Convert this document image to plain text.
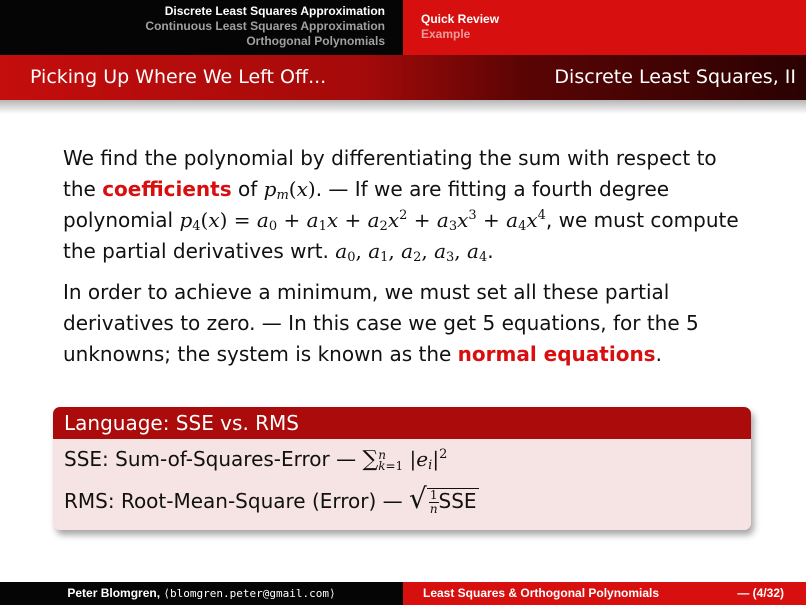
Discrete Least Squares Approximation
Continuous Least Squares Approximation
Orthogonal Polynomials
Quick Review
Example
Picking Up Where We Left Off...	Discrete Least Squares, II

We find the polynomial by differentiating the sum with respect to the coefficients of $p_m(x)$. — If we are fitting a fourth degree polynomial $p_4(x) = a_0 + a_1x + a_2x^2 + a_3x^3 + a_4x^4$, we must compute the partial derivatives wrt. $a_0$, $a_1$, $a_2$, $a_3$, $a_4$.

In order to achieve a minimum, we must set all these partial derivatives to zero. — In this case we get 5 equations, for the 5 unknowns; the system is known as the normal equations.

Language: SSE vs. RMS
SSE: Sum-of-Squares-Error — ∑n
k=1 $|e_i|^2$
RMS: Root-Mean-Square (Error) — √ $\frac{1}{n}SSE$
Peter Blomgren, ⟨blomgren.peter@gmail.com⟩	Least Squares & Orthogonal Polynomials	— (4/32)
